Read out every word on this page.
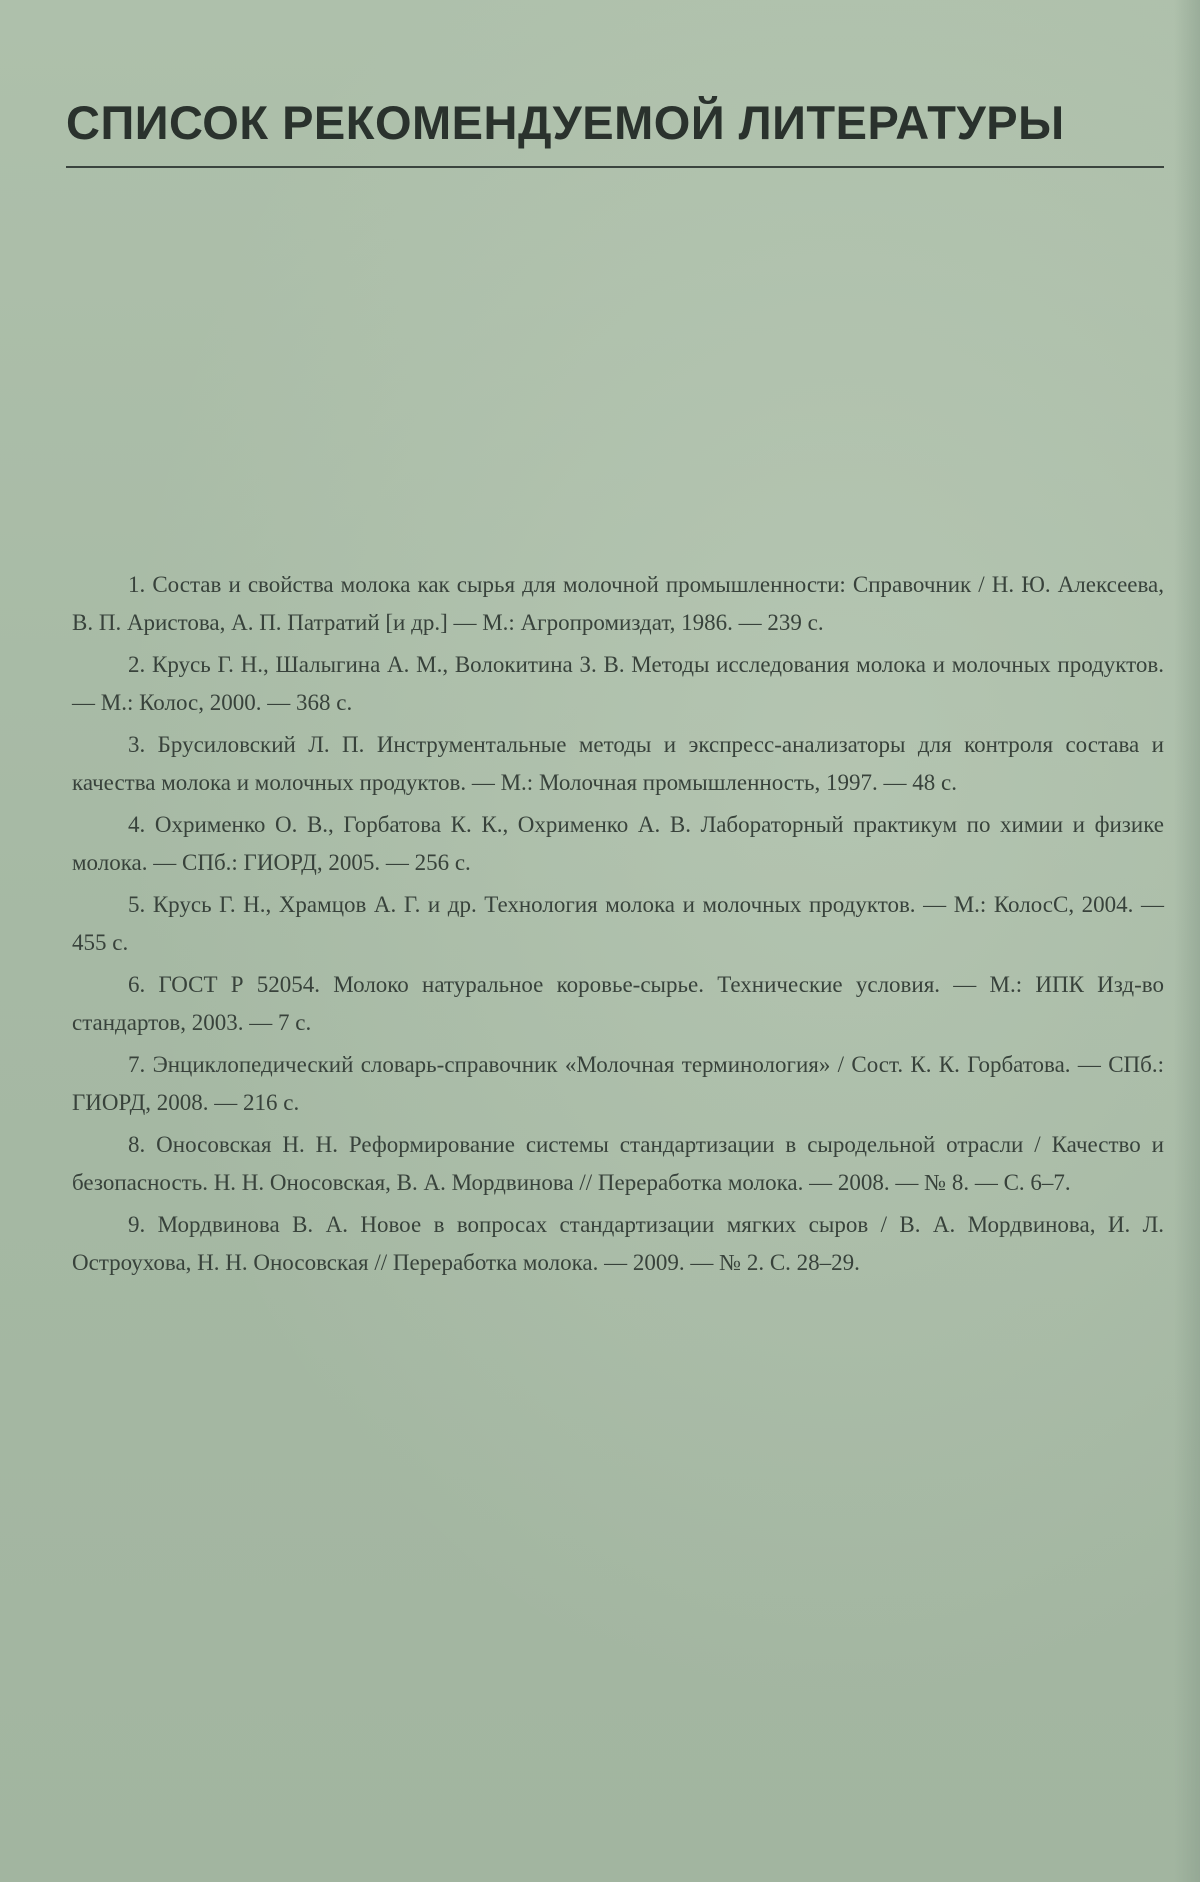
СПИСОК РЕКОМЕНДУЕМОЙ ЛИТЕРАТУРЫ
1. Состав и свойства молока как сырья для молочной промышленности: Справочник / Н. Ю. Алексеева, В. П. Аристова, А. П. Патратий [и др.] — М.: Агропромиздат, 1986. — 239 с.
2. Крусь Г. Н., Шалыгина А. М., Волокитина З. В. Методы исследования молока и молочных продуктов. — М.: Колос, 2000. — 368 с.
3. Брусиловский Л. П. Инструментальные методы и экспресс-анализаторы для контроля состава и качества молока и молочных продуктов. — М.: Молочная промышленность, 1997. — 48 с.
4. Охрименко О. В., Горбатова К. К., Охрименко А. В. Лабораторный практикум по химии и физике молока. — СПб.: ГИОРД, 2005. — 256 с.
5. Крусь Г. Н., Храмцов А. Г. и др. Технология молока и молочных продуктов. — М.: КолосС, 2004. — 455 с.
6. ГОСТ Р 52054. Молоко натуральное коровье-сырье. Технические условия. — М.: ИПК Изд-во стандартов, 2003. — 7 с.
7. Энциклопедический словарь-справочник «Молочная терминология» / Сост. К. К. Горбатова. — СПб.: ГИОРД, 2008. — 216 с.
8. Оносовская Н. Н. Реформирование системы стандартизации в сыродельной отрасли / Качество и безопасность. Н. Н. Оносовская, В. А. Мордвинова // Переработка молока. — 2008. — № 8. — С. 6–7.
9. Мордвинова В. А. Новое в вопросах стандартизации мягких сыров / В. А. Мордвинова, И. Л. Остроухова, Н. Н. Оносовская // Переработка молока. — 2009. — № 2. С. 28–29.
